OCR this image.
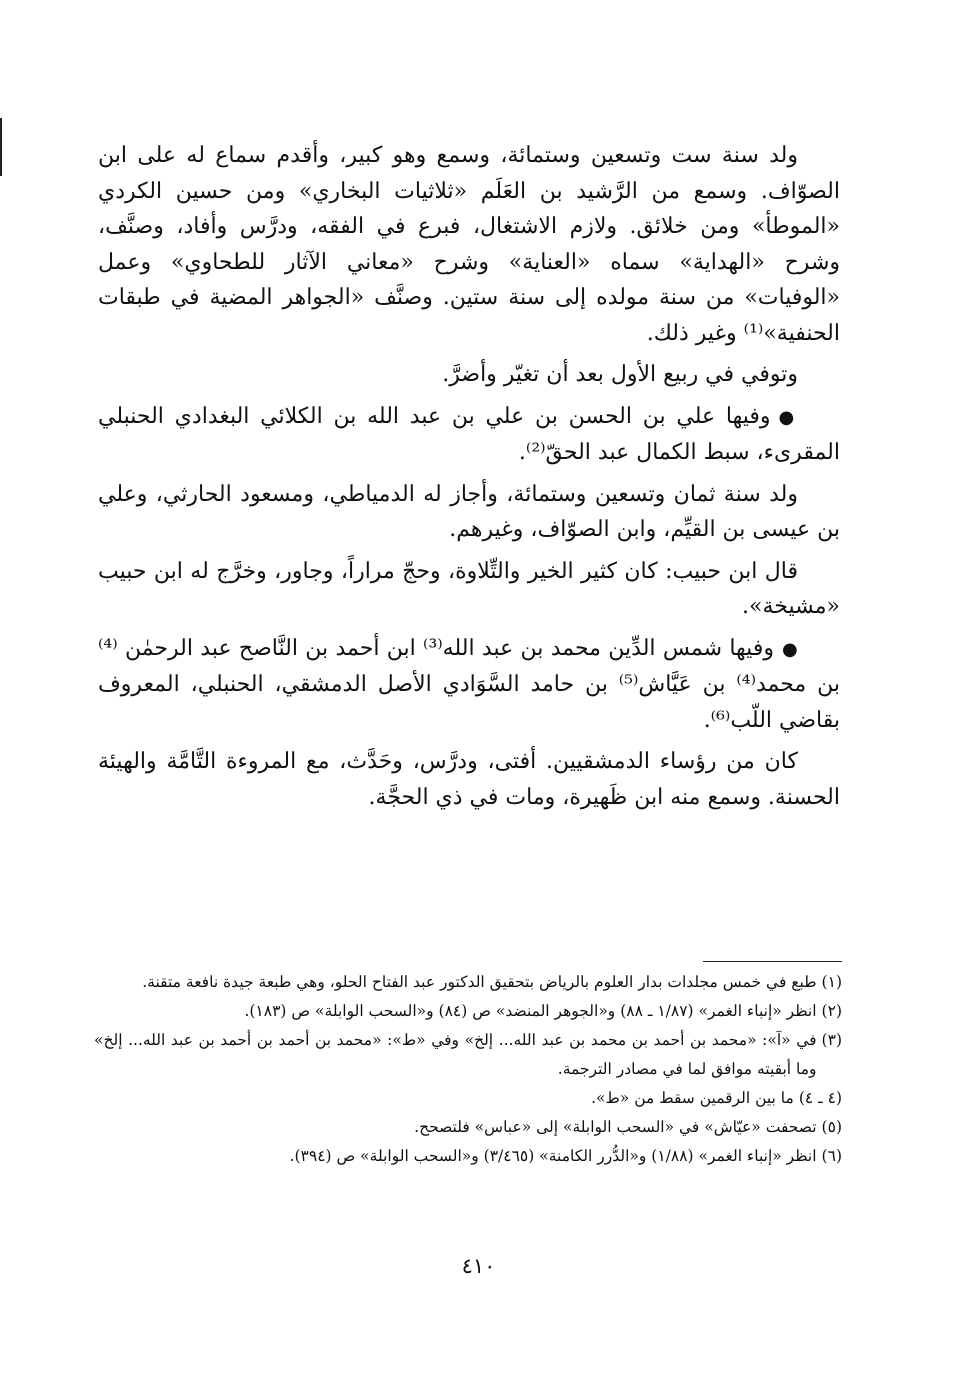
ولد سنة ست وتسعين وستمائة، وسمع وهو كبير، وأقدم سماع له على ابن الصوّاف. وسمع من الرَّشيد بن العَلَم «ثلاثيات البخاري» ومن حسين الكردي «الموطأ» ومن خلائق. ولازم الاشتغال، فبرع في الفقه، ودرَّس وأفاد، وصنَّف، وشرح «الهداية» سماه «العناية» وشرح «معاني الآثار للطحاوي» وعمل «الوفيات» من سنة مولده إلى سنة ستين. وصنَّف «الجواهر المضية في طبقات الحنفية»⁽¹⁾ وغير ذلك.

وتوفي في ربيع الأول بعد أن تغيّر وأضرَّ.

●وفيها علي بن الحسن بن علي بن عبد الله بن الكلائي البغدادي الحنبلي المقرىء، سبط الكمال عبد الحقّ⁽²⁾.

ولد سنة ثمان وتسعين وستمائة، وأجاز له الدمياطي، ومسعود الحارثي، وعلي بن عيسى بن القيِّم، وابن الصوّاف، وغيرهم.

قال ابن حبيب: كان كثير الخير والتِّلاوة، وحجّ مراراً، وجاور، وخرَّج له ابن حبيب «مشيخة».

●وفيها شمس الدِّين محمد بن عبد الله⁽³⁾ ابن أحمد بن النَّاصح عبد الرحمٰن ⁽⁴⁾بن محمد⁽⁴⁾ بن عَيَّاش⁽⁵⁾ بن حامد السَّوَادي الأصل الدمشقي، الحنبلي، المعروف بقاضي اللّب⁽⁶⁾.

كان من رؤساء الدمشقيين. أفتى، ودرَّس، وحَدَّث، مع المروءة التَّامَّة والهيئة الحسنة. وسمع منه ابن ظَهيرة، ومات في ذي الحجَّة.

(١)
طبع في خمس مجلدات بدار العلوم بالرياض بتحقيق الدكتور عبد الفتاح الحلو، وهي طبعة جيدة نافعة متقنة.
(٢)
انظر «إنباء الغمر» (١/٨٧ ـ ٨٨) و«الجوهر المنضد» ص (٨٤) و«السحب الوابلة» ص (١٨٣).
(٣)
في «آ»: «محمد بن أحمد بن محمد بن عبد الله... إلخ» وفي «ط»: «محمد بن أحمد بن أحمد بن عبد الله... إلخ» وما أبقيته موافق لما في مصادر الترجمة.
(٤ ـ ٤)
ما بين الرقمين سقط من «ط».
(٥)
تصحفت «عيّاش» في «السحب الوابلة» إلى «عباس» فلتصحح.
(٦)
انظر «إنباء الغمر» (١/٨٨) و«الدُّرر الكامنة» (٣/٤٦٥) و«السحب الوابلة» ص (٣٩٤).
٤١٠
